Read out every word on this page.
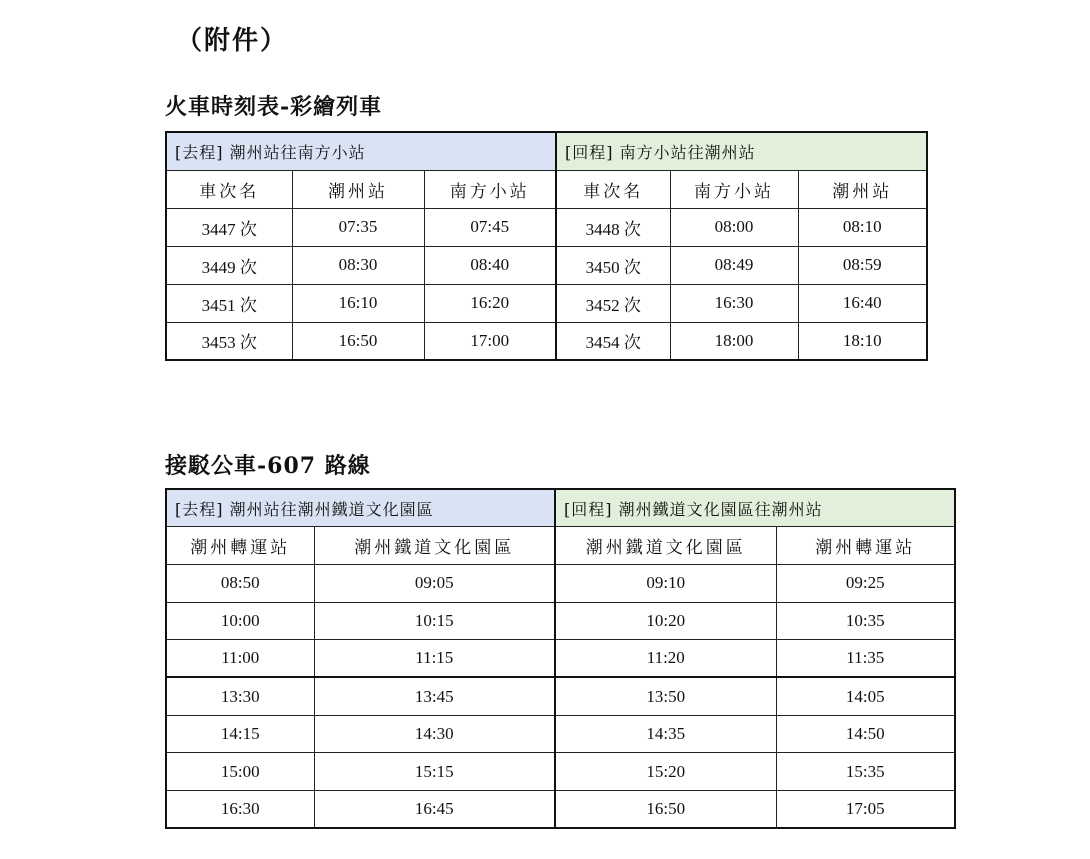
（附件）
火車時刻表-彩繪列車
[去程] 潮州站往南方小站			[回程] 南方小站往潮州站		
車次名	潮州站	南方小站	車次名	南方小站	潮州站
3447 次	07:35	07:45	3448 次	08:00	08:10
3449 次	08:30	08:40	3450 次	08:49	08:59
3451 次	16:10	16:20	3452 次	16:30	16:40
3453 次	16:50	17:00	3454 次	18:00	18:10
接駁公車-607 路線
[去程] 潮州站往潮州鐵道文化園區		[回程] 潮州鐵道文化園區往潮州站	
潮州轉運站	潮州鐵道文化園區	潮州鐵道文化園區	潮州轉運站
08:50	09:05	09:10	09:25
10:00	10:15	10:20	10:35
11:00	11:15	11:20	11:35
13:30	13:45	13:50	14:05
14:15	14:30	14:35	14:50
15:00	15:15	15:20	15:35
16:30	16:45	16:50	17:05
